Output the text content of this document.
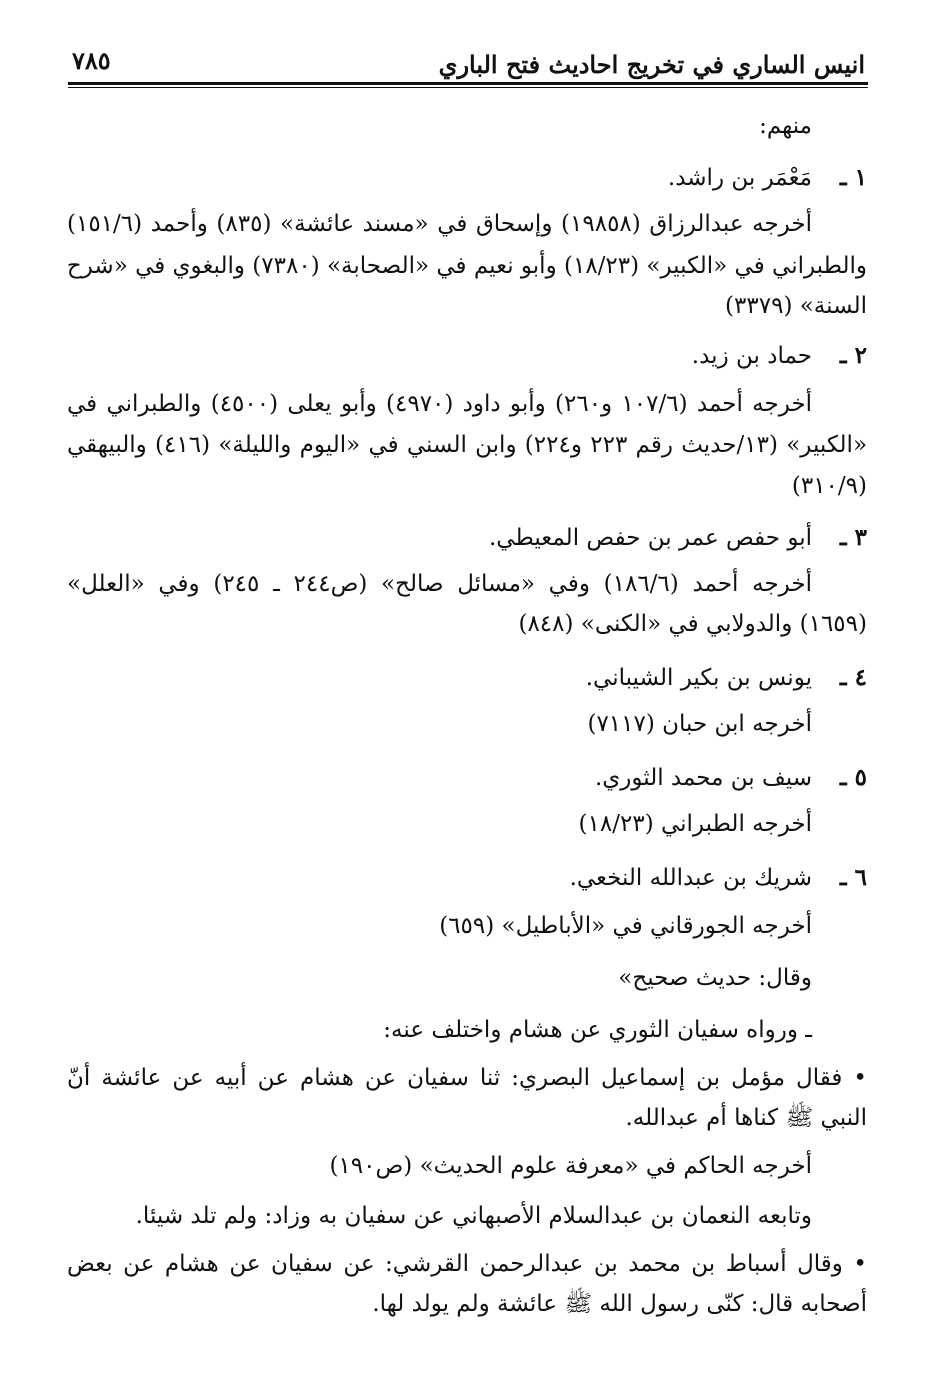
انيس الساري في تخريج احاديث فتح الباري
٧٨٥
منهم:
١ ـمَعْمَر بن راشد.
أخرجه عبدالرزاق (١٩٨٥٨) وإسحاق في «مسند عائشة» (٨٣٥) وأحمد (١٥١/٦)
والطبراني في «الكبير» (١٨/٢٣) وأبو نعيم في «الصحابة» (٧٣٨٠) والبغوي في «شرح
السنة» (٣٣٧٩)
٢ ـحماد بن زيد.
أخرجه أحمد (١٠٧/٦ و٢٦٠) وأبو داود (٤٩٧٠) وأبو يعلى (٤٥٠٠) والطبراني في
«الكبير» (١٣/حديث رقم ٢٢٣ و٢٢٤) وابن السني في «اليوم والليلة» (٤١٦) والبيهقي
(٣١٠/٩)
٣ ـأبو حفص عمر بن حفص المعيطي.
أخرجه أحمد (١٨٦/٦) وفي «مسائل صالح» (ص٢٤٤ ـ ٢٤٥) وفي «العلل»
(١٦٥٩) والدولابي في «الكنى» (٨٤٨)
٤ ـيونس بن بكير الشيباني.
أخرجه ابن حبان (٧١١٧)
٥ ـسيف بن محمد الثوري.
أخرجه الطبراني (١٨/٢٣)
٦ ـشريك بن عبدالله النخعي.
أخرجه الجورقاني في «الأباطيل» (٦٥٩)
وقال: حديث صحيح»
ـ ورواه سفيان الثوري عن هشام واختلف عنه:
• فقال مؤمل بن إسماعيل البصري: ثنا سفيان عن هشام عن أبيه عن عائشة أنّ
النبي ﷺ كناها أم عبدالله.
أخرجه الحاكم في «معرفة علوم الحديث» (ص١٩٠)
وتابعه النعمان بن عبدالسلام الأصبهاني عن سفيان به وزاد: ولم تلد شيئا.
• وقال أسباط بن محمد بن عبدالرحمن القرشي: عن سفيان عن هشام عن بعض
أصحابه قال: كنّى رسول الله ﷺ عائشة ولم يولد لها.
